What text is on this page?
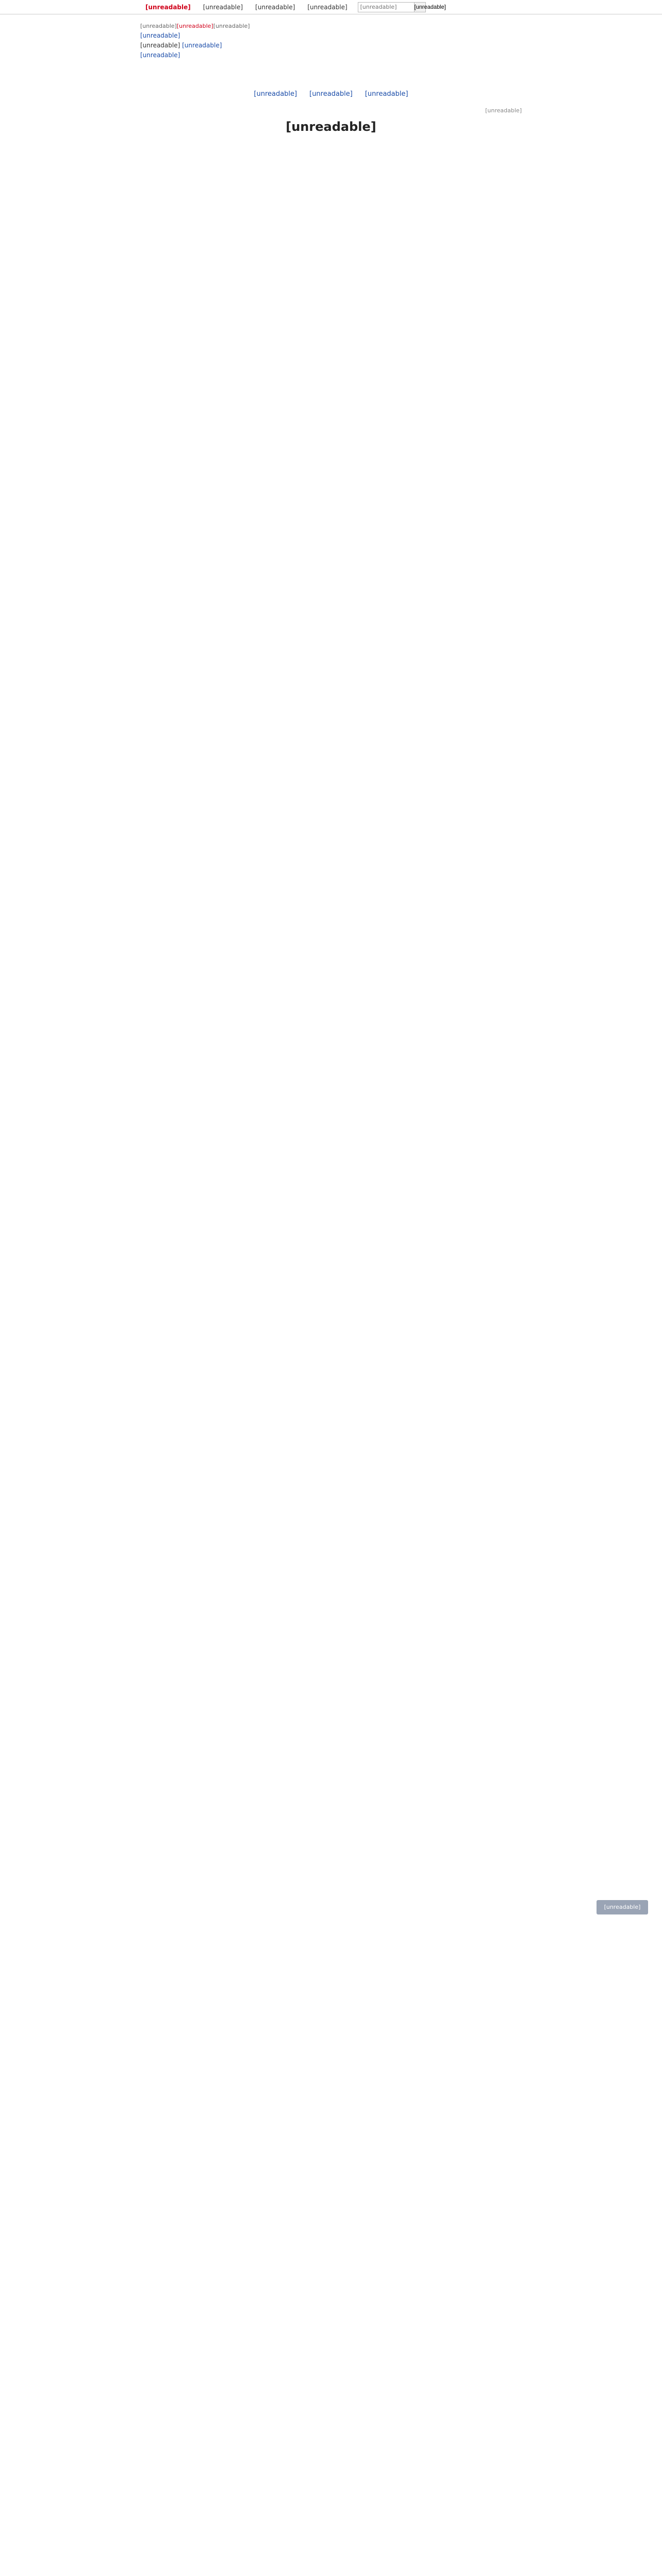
[unreadable]	[unreadable]	[unreadable]	[unreadable]
[unreadable]	[unreadable]
[unreadable][unreadable][unreadable]
[unreadable]
[unreadable] [unreadable]
[unreadable]
[unreadable] [unreadable] [unreadable]
[unreadable]
[unreadable]

[unreadable]
